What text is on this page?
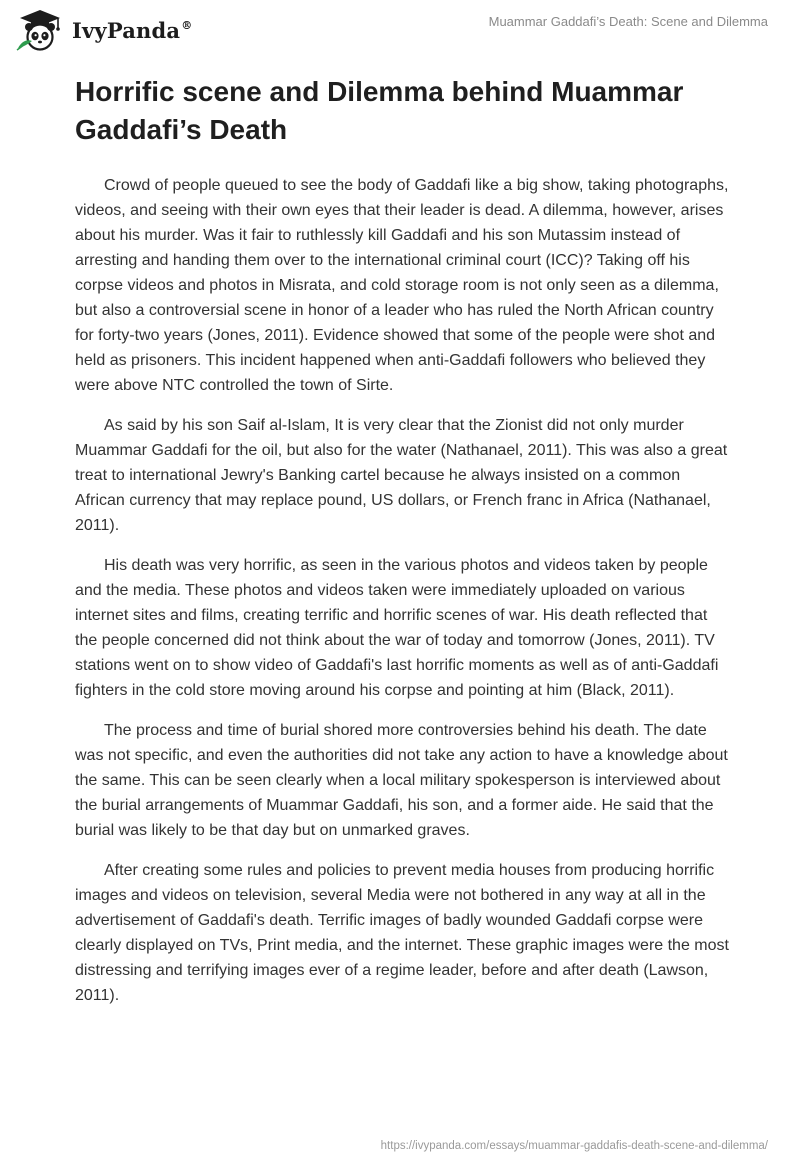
IvyPanda®	Muammar Gaddafi’s Death: Scene and Dilemma
Horrific scene and Dilemma behind Muammar Gaddafi’s Death

Crowd of people queued to see the body of Gaddafi like a big show, taking photographs, videos, and seeing with their own eyes that their leader is dead. A dilemma, however, arises about his murder. Was it fair to ruthlessly kill Gaddafi and his son Mutassim instead of arresting and handing them over to the international criminal court (ICC)? Taking off his corpse videos and photos in Misrata, and cold storage room is not only seen as a dilemma, but also a controversial scene in honor of a leader who has ruled the North African country for forty-two years (Jones, 2011). Evidence showed that some of the people were shot and held as prisoners. This incident happened when anti-Gaddafi followers who believed they were above NTC controlled the town of Sirte.

As said by his son Saif al-Islam, It is very clear that the Zionist did not only murder Muammar Gaddafi for the oil, but also for the water (Nathanael, 2011). This was also a great treat to international Jewry's Banking cartel because he always insisted on a common African currency that may replace pound, US dollars, or French franc in Africa (Nathanael, 2011).

His death was very horrific, as seen in the various photos and videos taken by people and the media. These photos and videos taken were immediately uploaded on various internet sites and films, creating terrific and horrific scenes of war. His death reflected that the people concerned did not think about the war of today and tomorrow (Jones, 2011). TV stations went on to show video of Gaddafi's last horrific moments as well as of anti-Gaddafi fighters in the cold store moving around his corpse and pointing at him (Black, 2011).

The process and time of burial shored more controversies behind his death. The date was not specific, and even the authorities did not take any action to have a knowledge about the same. This can be seen clearly when a local military spokesperson is interviewed about the burial arrangements of Muammar Gaddafi, his son, and a former aide. He said that the burial was likely to be that day but on unmarked graves.

After creating some rules and policies to prevent media houses from producing horrific images and videos on television, several Media were not bothered in any way at all in the advertisement of Gaddafi's death. Terrific images of badly wounded Gaddafi corpse were clearly displayed on TVs, Print media, and the internet. These graphic images were the most distressing and terrifying images ever of a regime leader, before and after death (Lawson, 2011).

https://ivypanda.com/essays/muammar-gaddafis-death-scene-and-dilemma/
